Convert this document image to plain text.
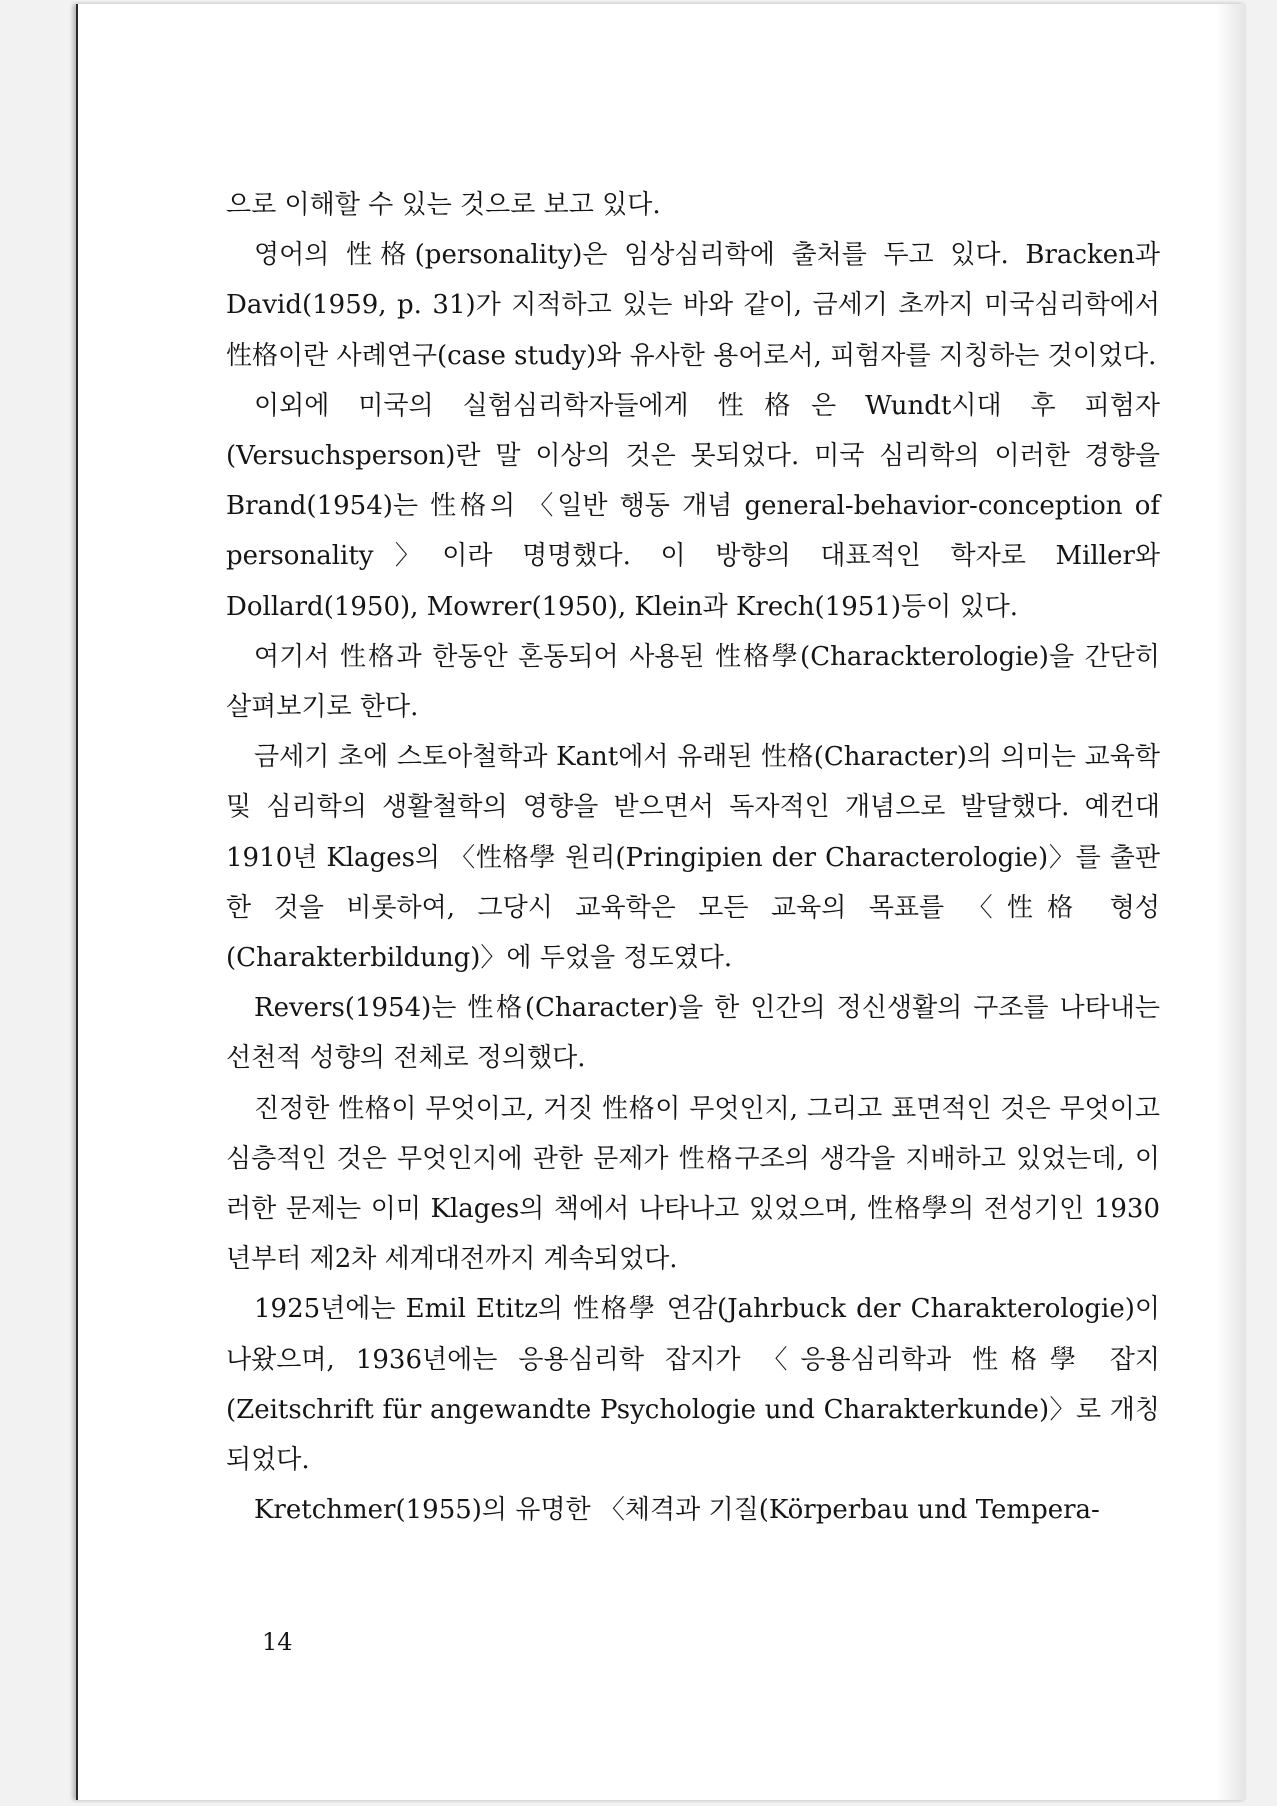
으로 이해할 수 있는 것으로 보고 있다.

영어의 性格(personality)은 임상심리학에 출처를 두고 있다. Bracken과 David(1959, p. 31)가 지적하고 있는 바와 같이, 금세기 초까지 미국심리학에서 性格이란 사례연구(case study)와 유사한 용어로서, 피험자를 지칭하는 것이었다.

이외에 미국의 실험심리학자들에게 性格은 Wundt시대 후 피험자(Versuchsperson)란 말 이상의 것은 못되었다. 미국 심리학의 이러한 경향을 Brand(1954)는 性格의 〈일반 행동 개념 general-behavior-conception of personality〉이라 명명했다. 이 방향의 대표적인 학자로 Miller와 Dollard(1950), Mowrer(1950), Klein과 Krech(1951)등이 있다.

여기서 性格과 한동안 혼동되어 사용된 性格學(Charackterologie)을 간단히 살펴보기로 한다.

금세기 초에 스토아철학과 Kant에서 유래된 性格(Character)의 의미는 교육학 및 심리학의 생활철학의 영향을 받으면서 독자적인 개념으로 발달했다. 예컨대 1910년 Klages의 〈性格學 원리(Pringipien der Characterologie)〉를 출판한 것을 비롯하여, 그당시 교육학은 모든 교육의 목표를 〈性格 형성(Charakterbildung)〉에 두었을 정도였다.

Revers(1954)는 性格(Character)을 한 인간의 정신생활의 구조를 나타내는 선천적 성향의 전체로 정의했다.

진정한 性格이 무엇이고, 거짓 性格이 무엇인지, 그리고 표면적인 것은 무엇이고 심층적인 것은 무엇인지에 관한 문제가 性格구조의 생각을 지배하고 있었는데, 이러한 문제는 이미 Klages의 책에서 나타나고 있었으며, 性格學의 전성기인 1930년부터 제2차 세계대전까지 계속되었다.

1925년에는 Emil Etitz의 性格學 연감(Jahrbuck der Charakterologie)이 나왔으며, 1936년에는 응용심리학 잡지가 〈응용심리학과 性格學 잡지(Zeitschrift für angewandte Psychologie und Charakterkunde)〉로 개칭되었다.

Kretchmer(1955)의 유명한 〈체격과 기질(Körperbau und Tempera-

14
